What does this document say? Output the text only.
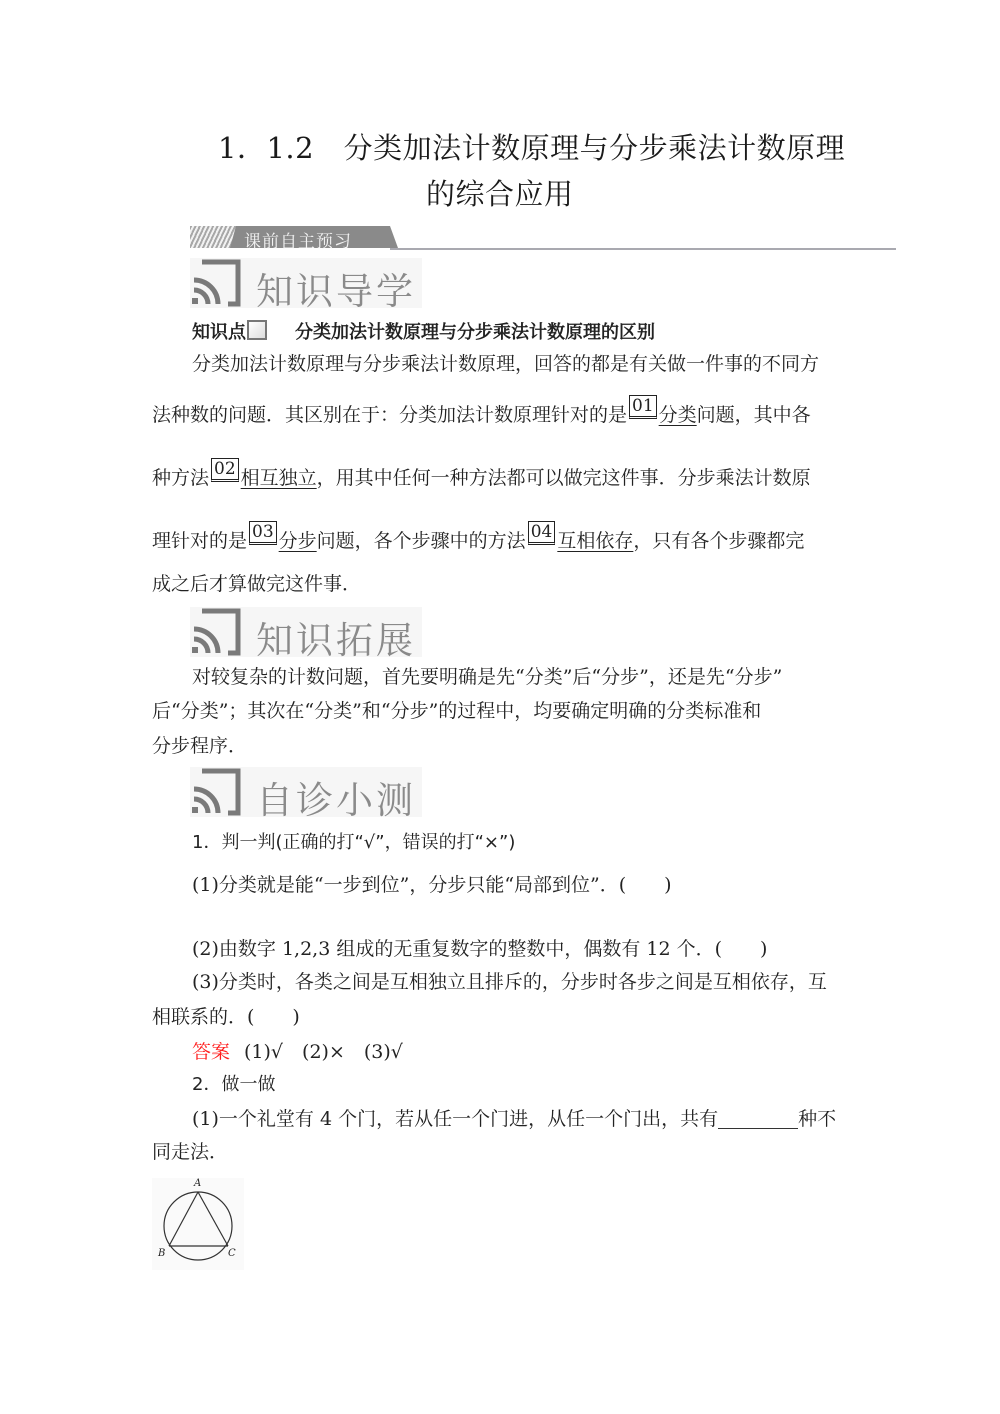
1．1.2　分类加法计数原理与分步乘法计数原理
的综合应用
课前自主预习
知识导学
知识点	分类加法计数原理与分步乘法计数原理的区别
分类加法计数原理与分步乘法计数原理，回答的都是有关做一件事的不同方
法种数的问题．其区别在于：分类加法计数原理针对的是 01 分类问题，其中各
种方法 02 相互独立，用其中任何一种方法都可以做完这件事．分步乘法计数原
理针对的是 03 分步问题，各个步骤中的方法 04 互相依存，只有各个步骤都完
成之后才算做完这件事．
知识拓展
对较复杂的计数问题，首先要明确是先“分类”后“分步”，还是先“分步”
后“分类”；其次在“分类”和“分步”的过程中，均要确定明确的分类标准和
分步程序．
自诊小测
1．判一判(正确的打“√”，错误的打“×”)
(1)分类就是能“一步到位”，分步只能“局部到位”．(　　)
(2)由数字 1,2,3 组成的无重复数字的整数中，偶数有 12 个．(　　)
(3)分类时，各类之间是互相独立且排斥的，分步时各步之间是互相依存，互
相联系的．(　　)
答案 (1)√　(2)×　(3)√
2．做一做
(1)一个礼堂有 4 个门，若从任一个门进，从任一个门出，共有	种不
同走法．
A
B	C
